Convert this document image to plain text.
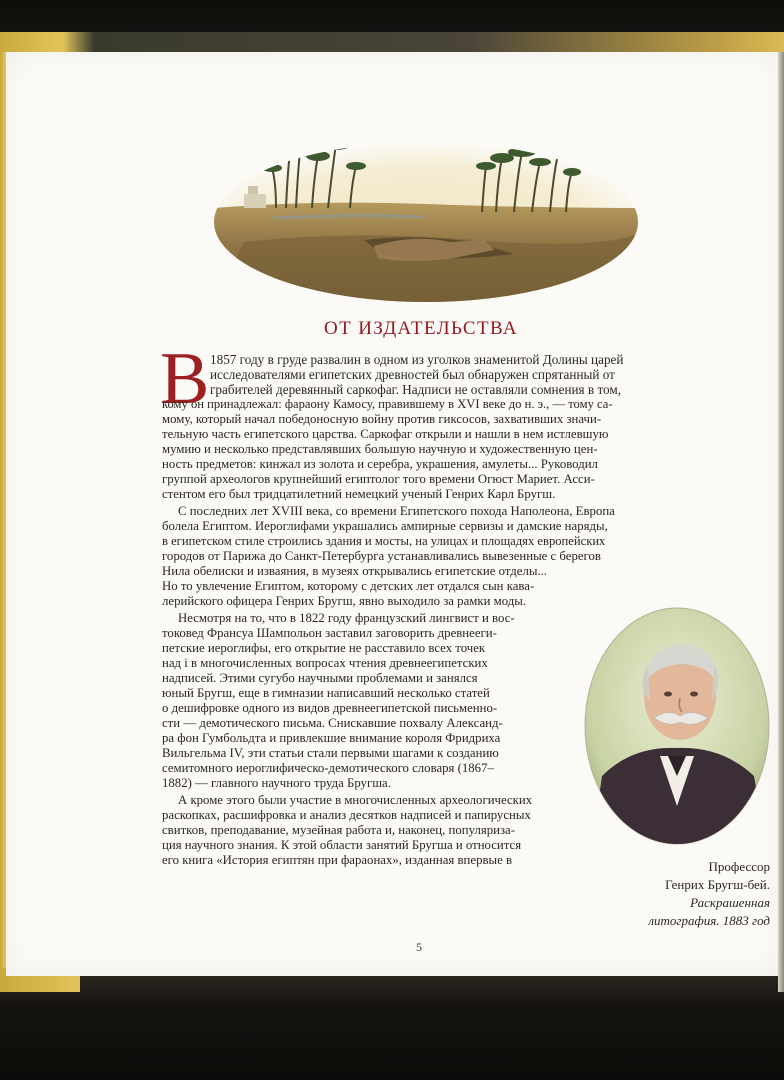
ОТ ИЗДАТЕЛЬСТВА
В 1857 году в груде развалин в одном из уголков знаменитой Долины царей
исследователями египетских древностей был обнаружен спрятанный от
грабителей деревянный саркофаг. Надписи не оставляли сомнения в том,
кому он принадлежал: фараону Камосу, правившему в XVI веке до н. э., — тому са-
мому, который начал победоносную войну против гиксосов, захвативших значи-
тельную часть египетского царства. Саркофаг открыли и нашли в нем истлевшую
мумию и несколько представлявших большую научную и художественную цен-
ность предметов: кинжал из золота и серебра, украшения, амулеты... Руководил
группой археологов крупнейший египтолог того времени Огюст Мариет. Асси-
стентом его был тридцатилетний немецкий ученый Генрих Карл Бругш.
С последних лет XVIII века, со времени Египетского похода Наполеона, Европа
болела Египтом. Иероглифами украшались ампирные сервизы и дамские наряды,
в египетском стиле строились здания и мосты, на улицах и площадях европейских
городов от Парижа до Санкт-Петербурга устанавливались вывезенные с берегов
Нила обелиски и изваяния, в музеях открывались египетские отделы...
Но то увлечение Египтом, которому с детских лет отдался сын кава-
лерийского офицера Генрих Бругш, явно выходило за рамки моды.
Несмотря на то, что в 1822 году французский лингвист и вос-
токовед Франсуа Шампольон заставил заговорить древнееги-
петские иероглифы, его открытие не расставило всех точек
над i в многочисленных вопросах чтения древнеегипетских
надписей. Этими сугубо научными проблемами и занялся
юный Бругш, еще в гимназии написавший несколько статей
о дешифровке одного из видов древнеегипетской письменно-
сти — демотического письма. Снискавшие похвалу Александ-
ра фон Гумбольдта и привлекшие внимание короля Фридриха
Вильгельма IV, эти статьи стали первыми шагами к созданию
семитомного иероглифическо-демотического словаря (1867–
1882) — главного научного труда Бругша.
А кроме этого были участие в многочисленных археологических
раскопках, расшифровка и анализ десятков надписей и папирусных
свитков, преподавание, музейная работа и, наконец, популяриза-
ция научного знания. К этой области занятий Бругша и относится
его книга «История египтян при фараонах», изданная впервые в	Профессор
Генрих Бругш-бей.
Раскрашенная
литография. 1883 год
5
